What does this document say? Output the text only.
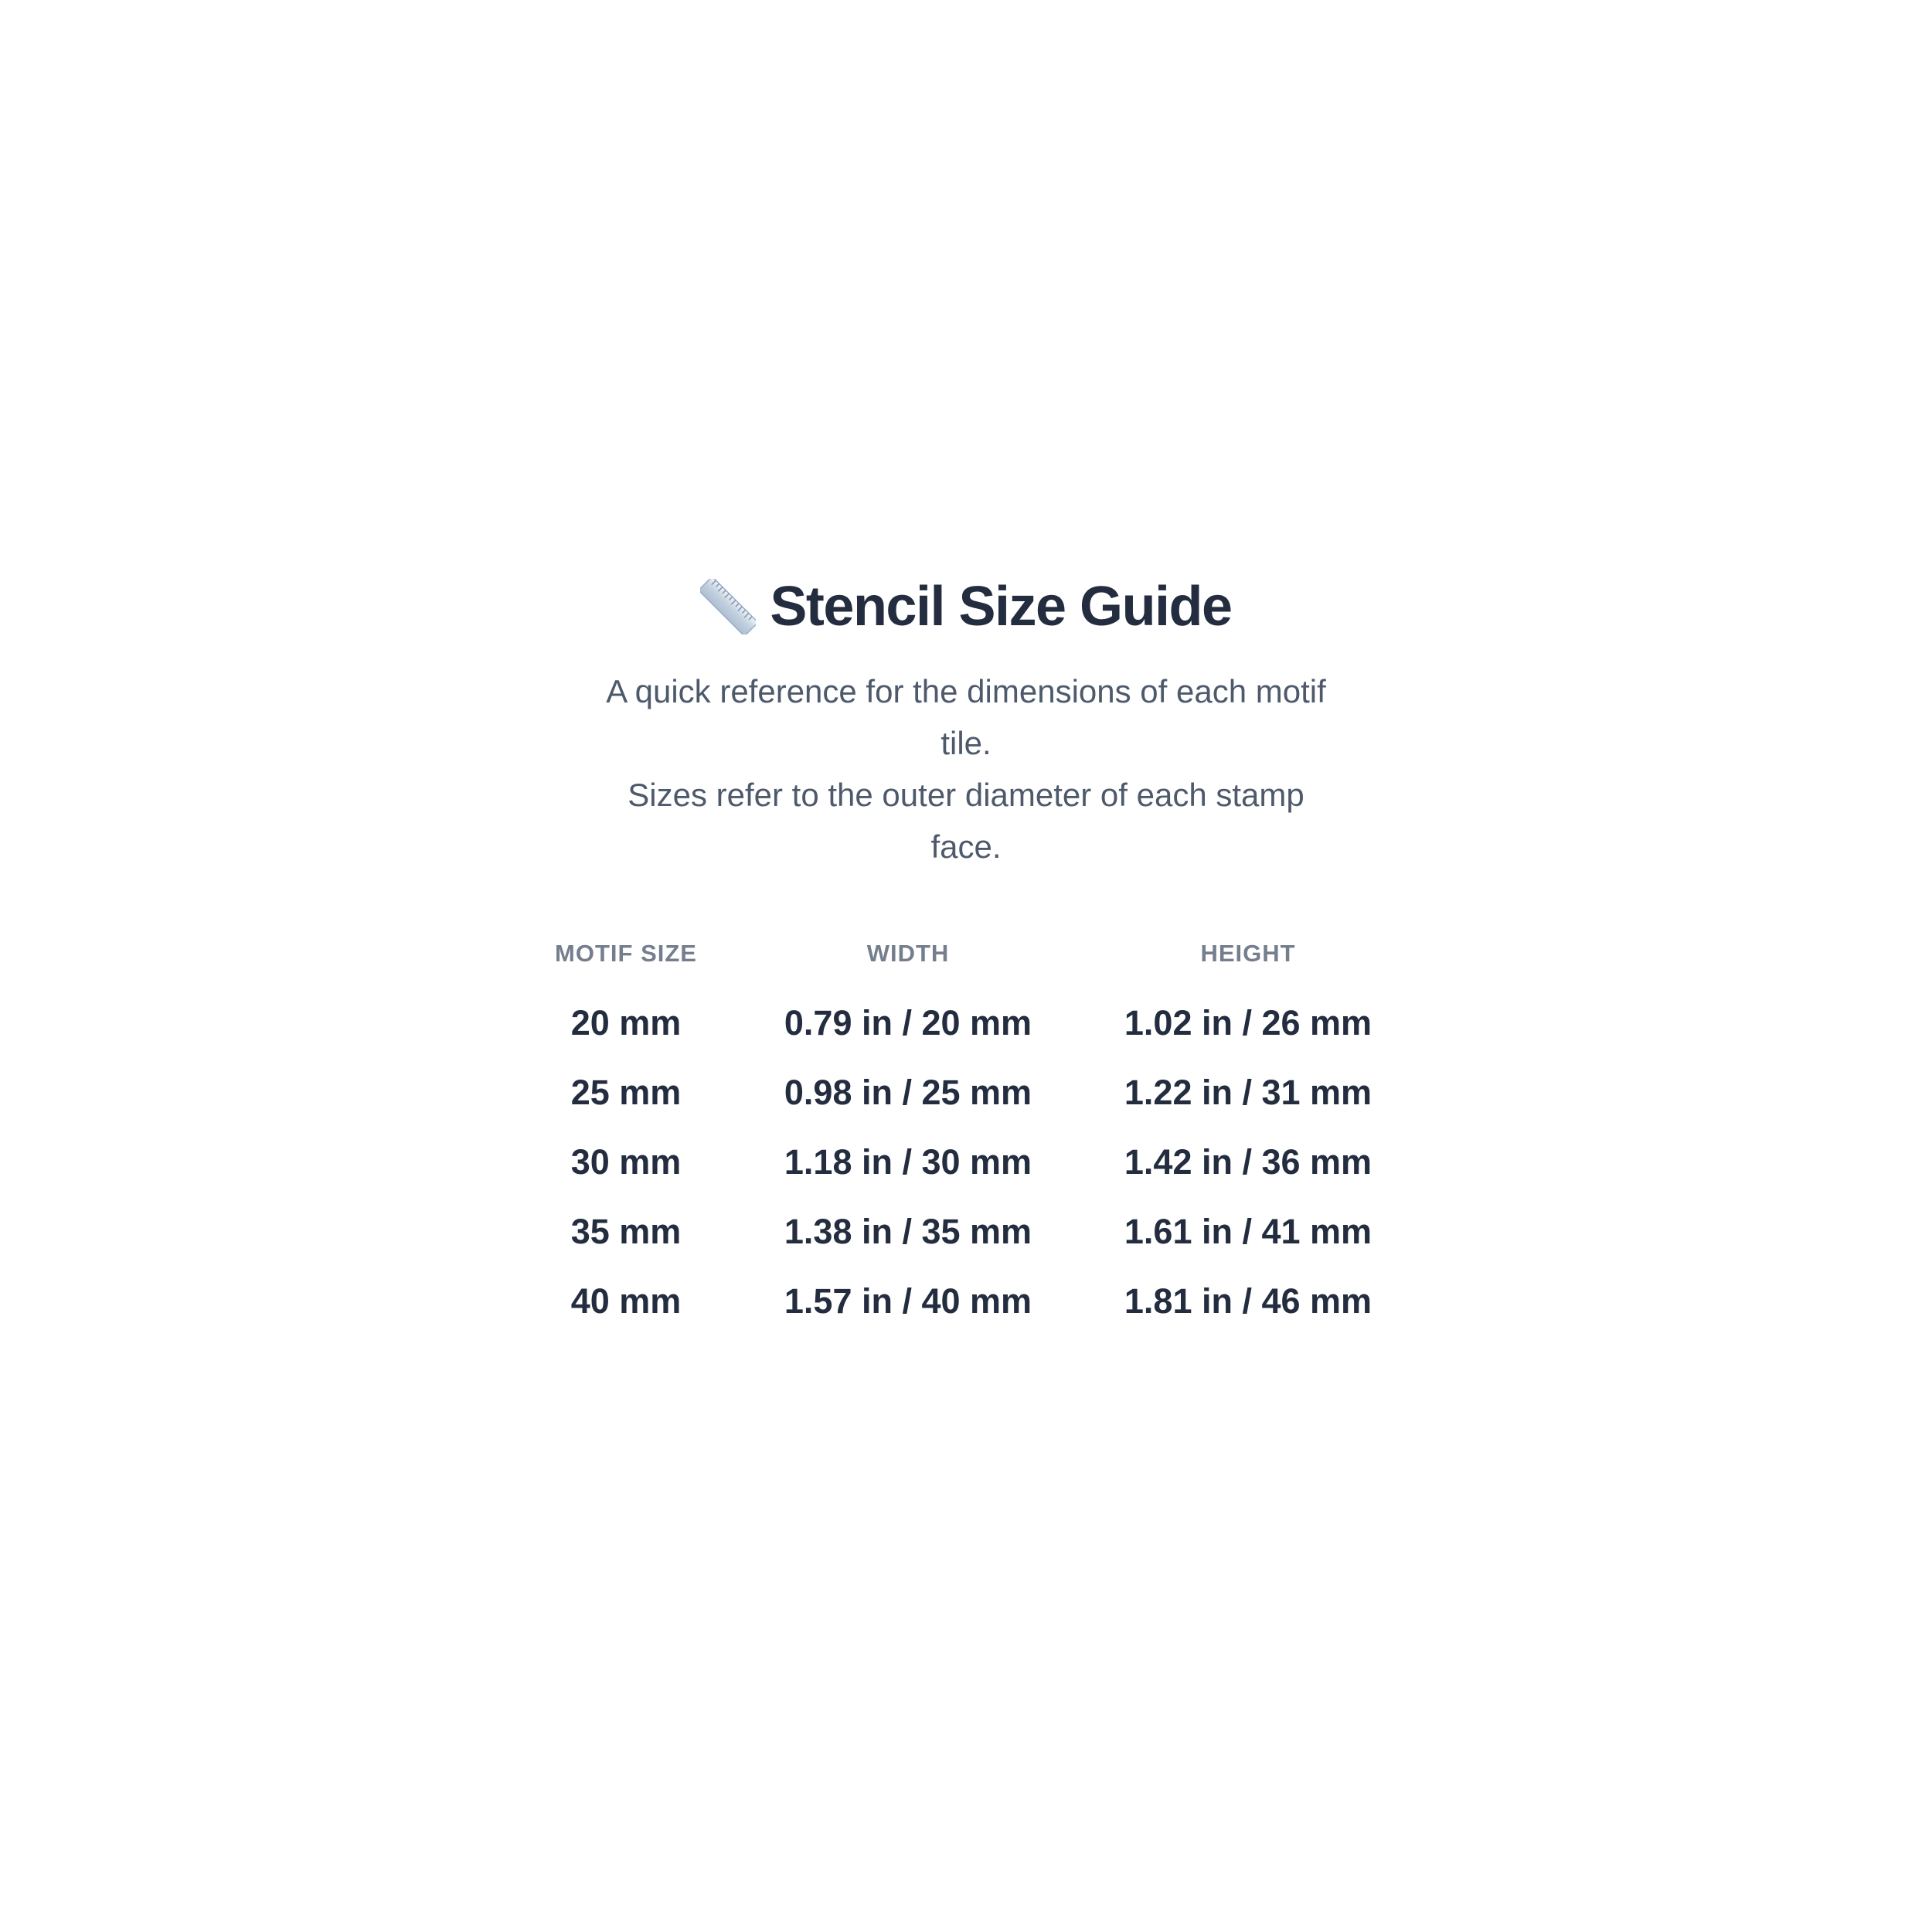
Stencil Size Guide
A quick reference for the dimensions of each motif
tile.
Sizes refer to the outer diameter of each stamp
face.
MOTIF SIZE	WIDTH	HEIGHT
20 mm	0.79 in / 20 mm	1.02 in / 26 mm
25 mm	0.98 in / 25 mm	1.22 in / 31 mm
30 mm	1.18 in / 30 mm	1.42 in / 36 mm
35 mm	1.38 in / 35 mm	1.61 in / 41 mm
40 mm	1.57 in / 40 mm	1.81 in / 46 mm
